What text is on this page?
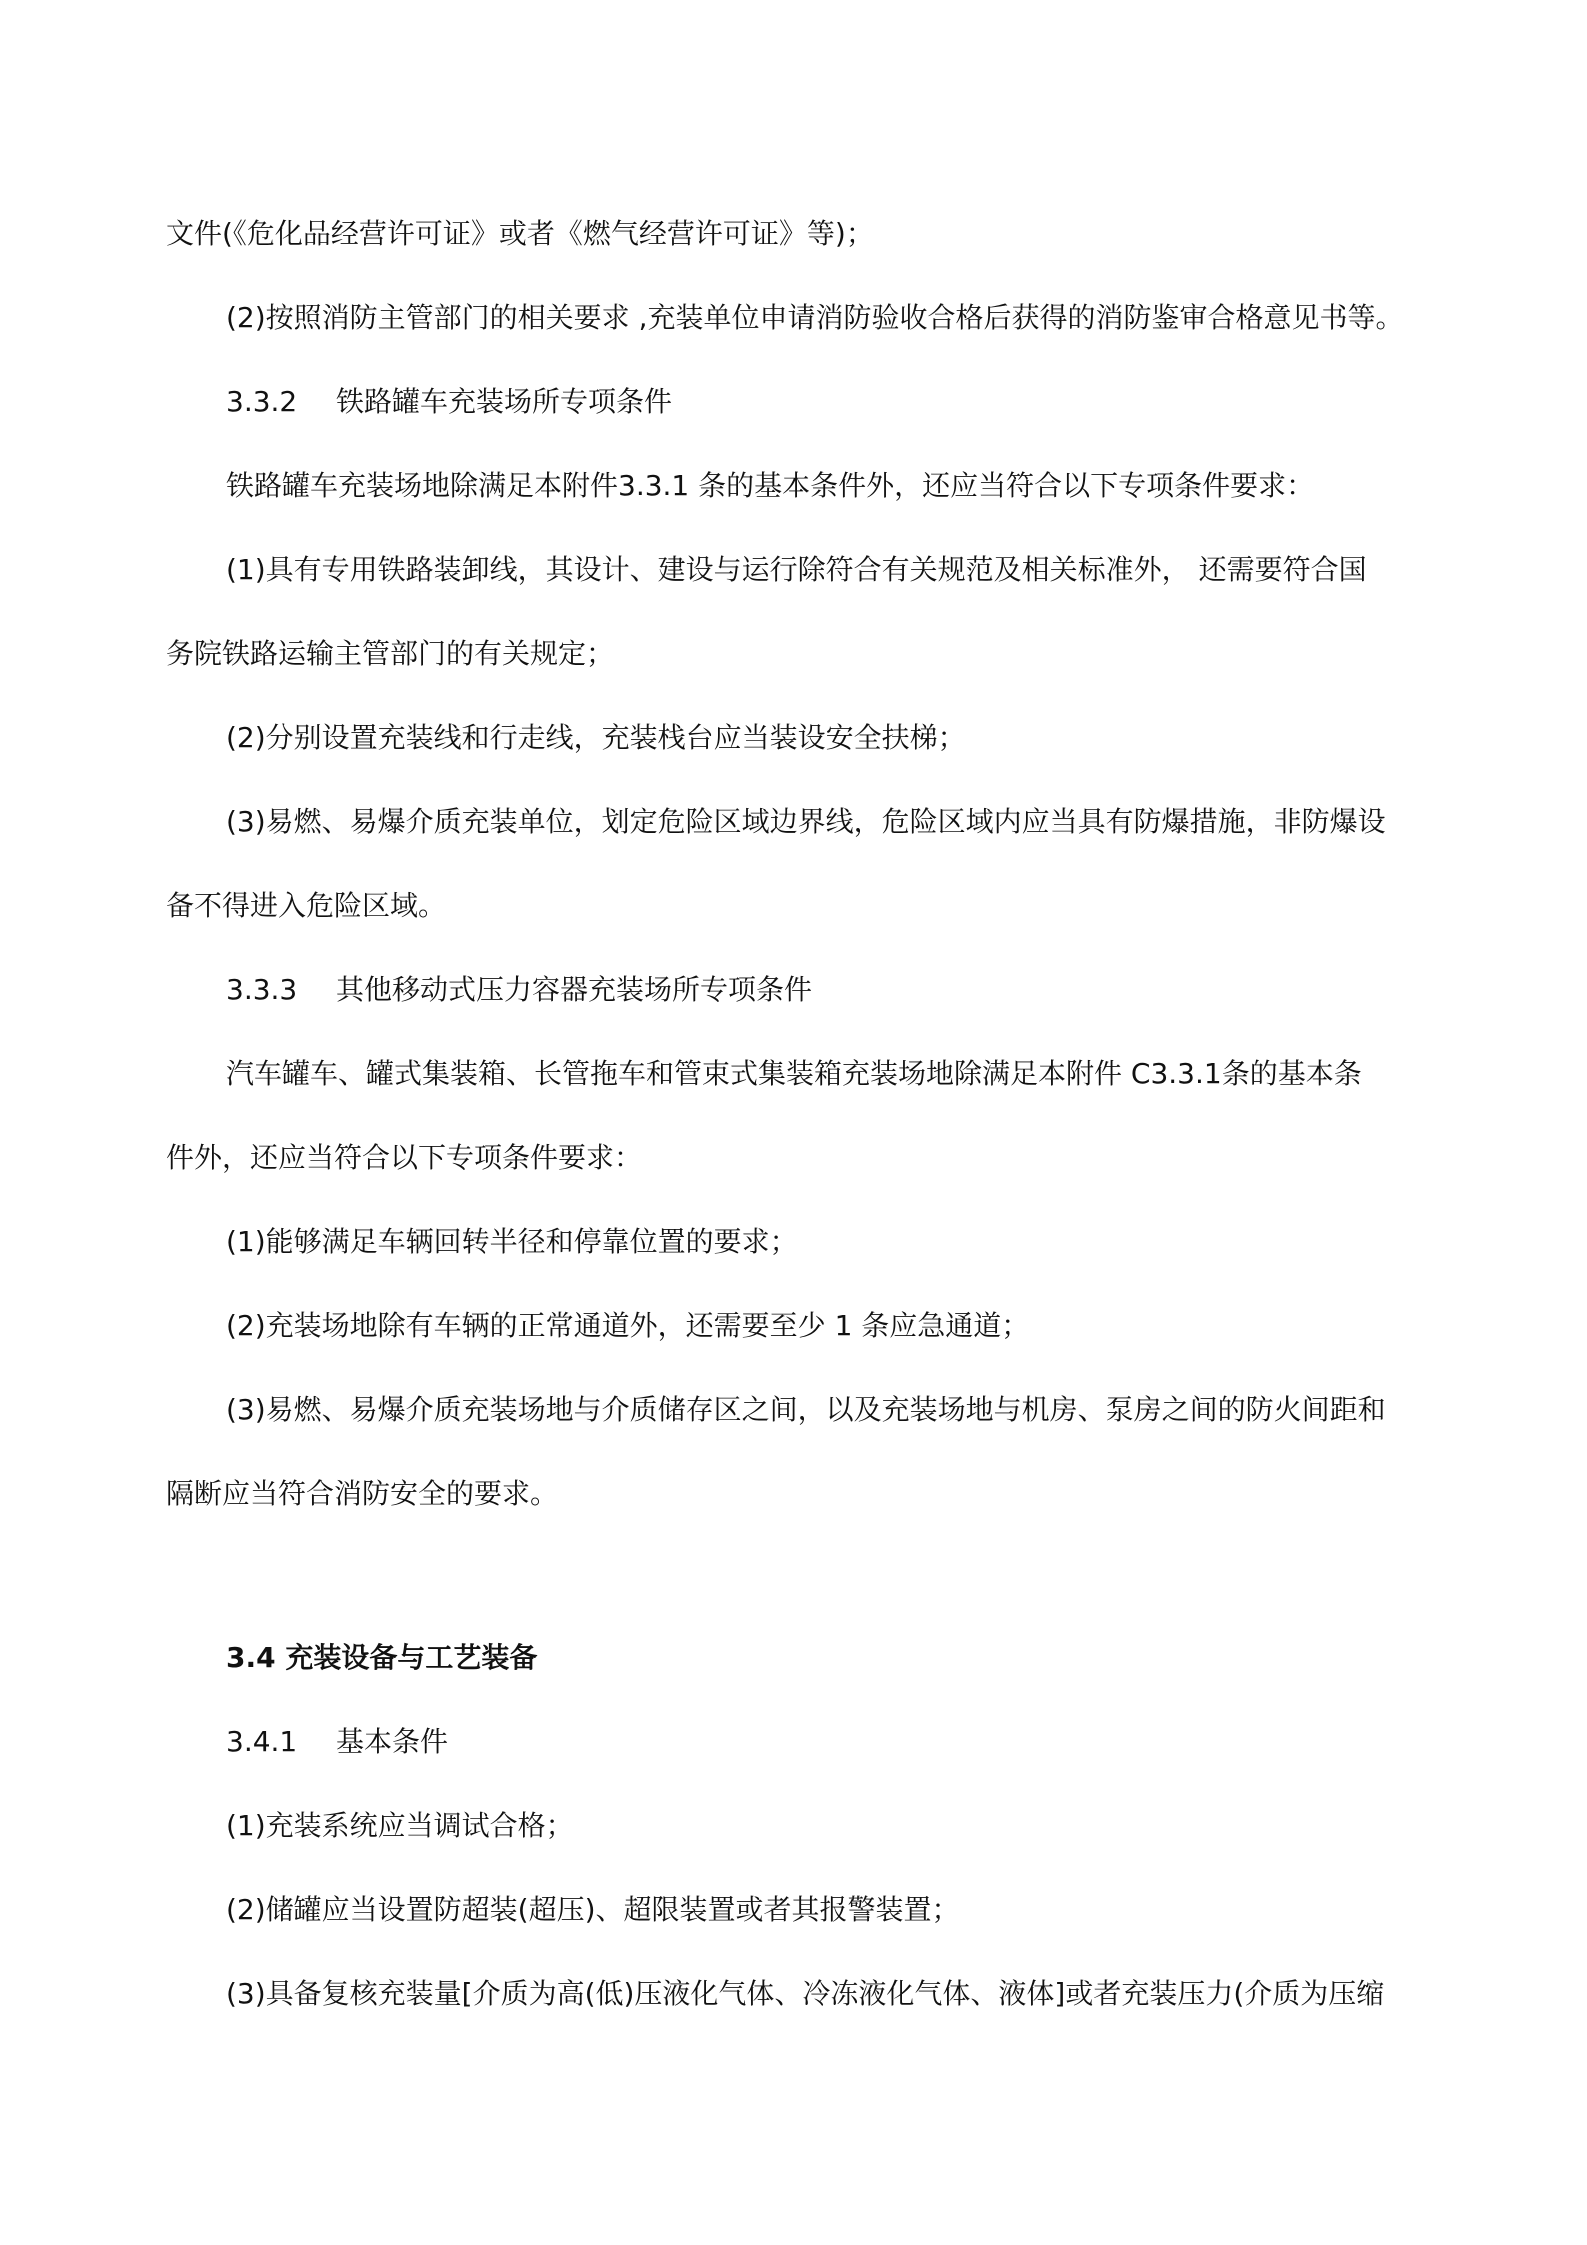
文件(《危化品经营许可证》或者《燃气经营许可证》等)；
(2)按照消防主管部门的相关要求 ,充装单位申请消防验收合格后获得的消防鉴审合格意见书等。
3.3.2 铁路罐车充装场所专项条件
铁路罐车充装场地除满足本附件3.3.1 条的基本条件外，还应当符合以下专项条件要求：
(1)具有专用铁路装卸线，其设计、建设与运行除符合有关规范及相关标准外， 还需要符合国
务院铁路运输主管部门的有关规定；
(2)分别设置充装线和行走线，充装栈台应当装设安全扶梯；
(3)易燃、易爆介质充装单位，划定危险区域边界线，危险区域内应当具有防爆措施，非防爆设
备不得进入危险区域。
3.3.3 其他移动式压力容器充装场所专项条件
汽车罐车、罐式集装箱、长管拖车和管束式集装箱充装场地除满足本附件 C3.3.1条的基本条
件外，还应当符合以下专项条件要求：
(1)能够满足车辆回转半径和停靠位置的要求；
(2)充装场地除有车辆的正常通道外，还需要至少 1 条应急通道；
(3)易燃、易爆介质充装场地与介质储存区之间，以及充装场地与机房、泵房之间的防火间距和
隔断应当符合消防安全的要求。
3.4 充装设备与工艺装备
3.4.1 基本条件
(1)充装系统应当调试合格；
(2)储罐应当设置防超装(超压)、超限装置或者其报警装置；
(3)具备复核充装量[介质为高(低)压液化气体、冷冻液化气体、液体]或者充装压力(介质为压缩
